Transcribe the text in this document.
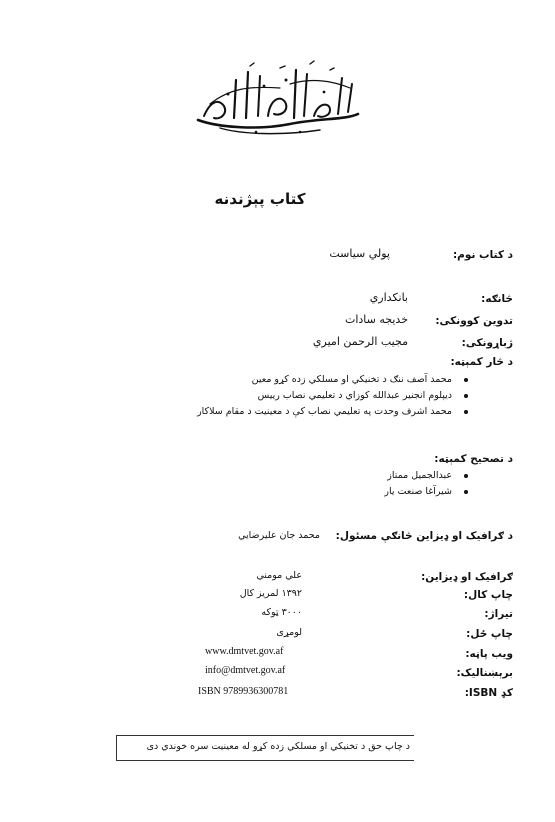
کتاب پېژندنه
د کتاب نوم:
پولي سياست
څانګه:
بانکداري
تدوین کوونکی:
خدیجه سادات
ژباړونکی:
مجیب الرحمن امیري
د څار کمېټه:
محمد آصف ننګ د تخنیکي او مسلکي زده کړو معین
دیپلوم انجنیر عبدالله کوزاي د تعلیمي نصاب رییس
محمد اشرف وحدت په تعلیمي نصاب کې د معینیت د مقام سلاکار
د تصحیح کمېټه:
عبدالجمیل ممتاز
شیرآغا صنعت یار
د ګرافیک او ډیزاین څانګې مسئول:
محمد جان علیرضایي
ګرافیک او ډیزاین:
علي مومني
چاپ کال:
۱۳۹۲ لمریز کال
تیراژ:
۳۰۰۰ ټوکه
چاپ ځل:
لومړی
ویب پاڼه:
www.dmtvet.gov.af
برېښنالیک:
info@dmtvet.gov.af
کډ ISBN:
ISBN 9789936300781
د چاپ حق د تخنیکي او مسلکي زده کړو له معینیت سره خوندي دی
